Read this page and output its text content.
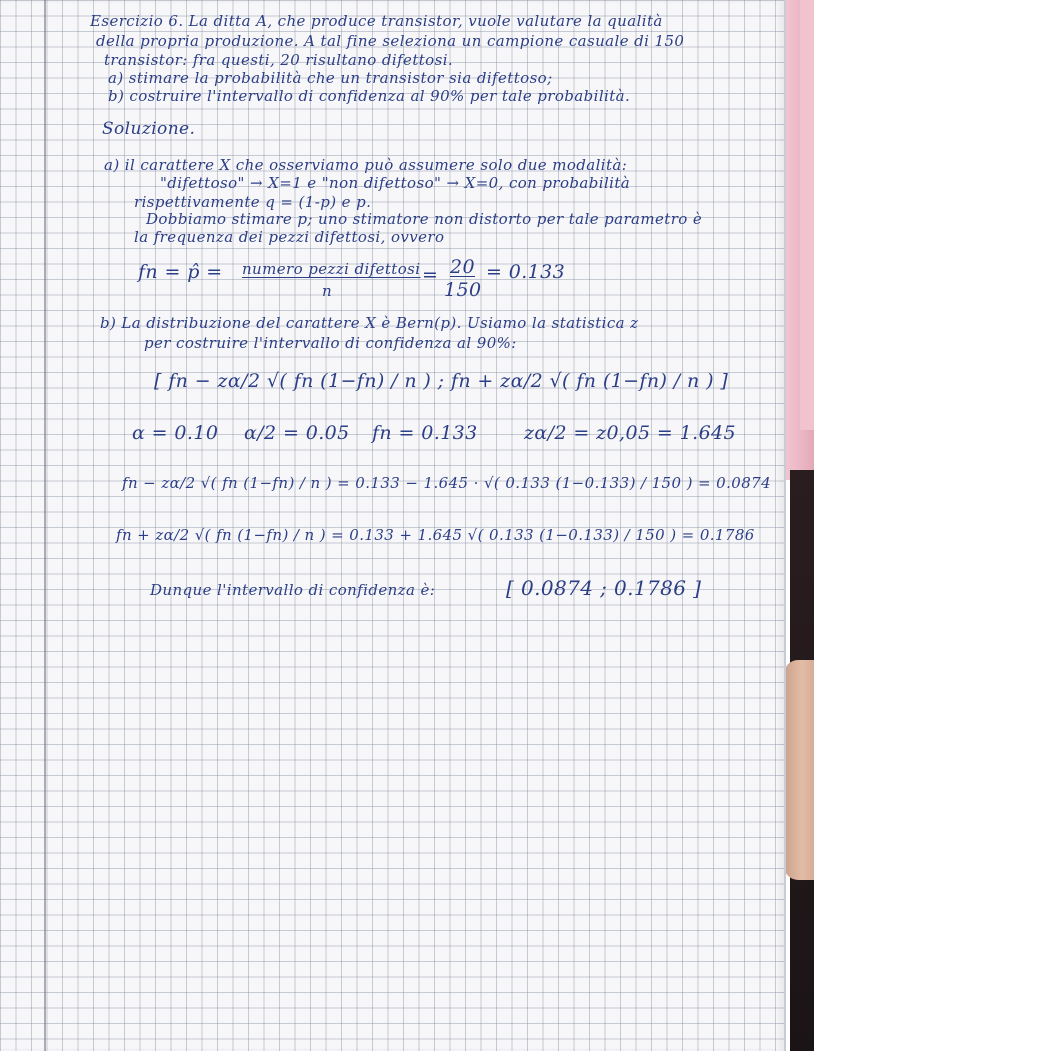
Esercizio 6. La ditta A, che produce transistor, vuole valutare la qualità
della propria produzione. A tal fine seleziona un campione casuale di 150
transistor: fra questi, 20 risultano difettosi.
a) stimare la probabilità che un transistor sia difettoso;
b) costruire l'intervallo di confidenza al 90% per tale probabilità.
Soluzione.
a) il carattere X che osserviamo può assumere solo due modalità:
"difettoso" → X=1 e "non difettoso" → X=0, con probabilità
rispettivamente q = (1-p) e p.
Dobbiamo stimare p; uno stimatore non distorto per tale parametro è
la frequenza dei pezzi difettosi, ovvero
fn = p̂ = numero pezzi difettosi
n
= 20
150
= 0.133
b) La distribuzione del carattere X è Bern(p). Usiamo la statistica z
per costruire l'intervallo di confidenza al 90%:
[ fn − zα/2 √( fn (1−fn) / n ) ; fn + zα/2 √( fn (1−fn) / n ) ]
α = 0.10 α/2 = 0.05 fn = 0.133 zα/2 = z0,05 = 1.645
fn − zα/2 √( fn (1−fn) / n ) = 0.133 − 1.645 · √( 0.133 (1−0.133) / 150 ) = 0.0874
fn + zα/2 √( fn (1−fn) / n ) = 0.133 + 1.645 √( 0.133 (1−0.133) / 150 ) = 0.1786
Dunque l'intervallo di confidenza è:	[ 0.0874 ; 0.1786 ]
